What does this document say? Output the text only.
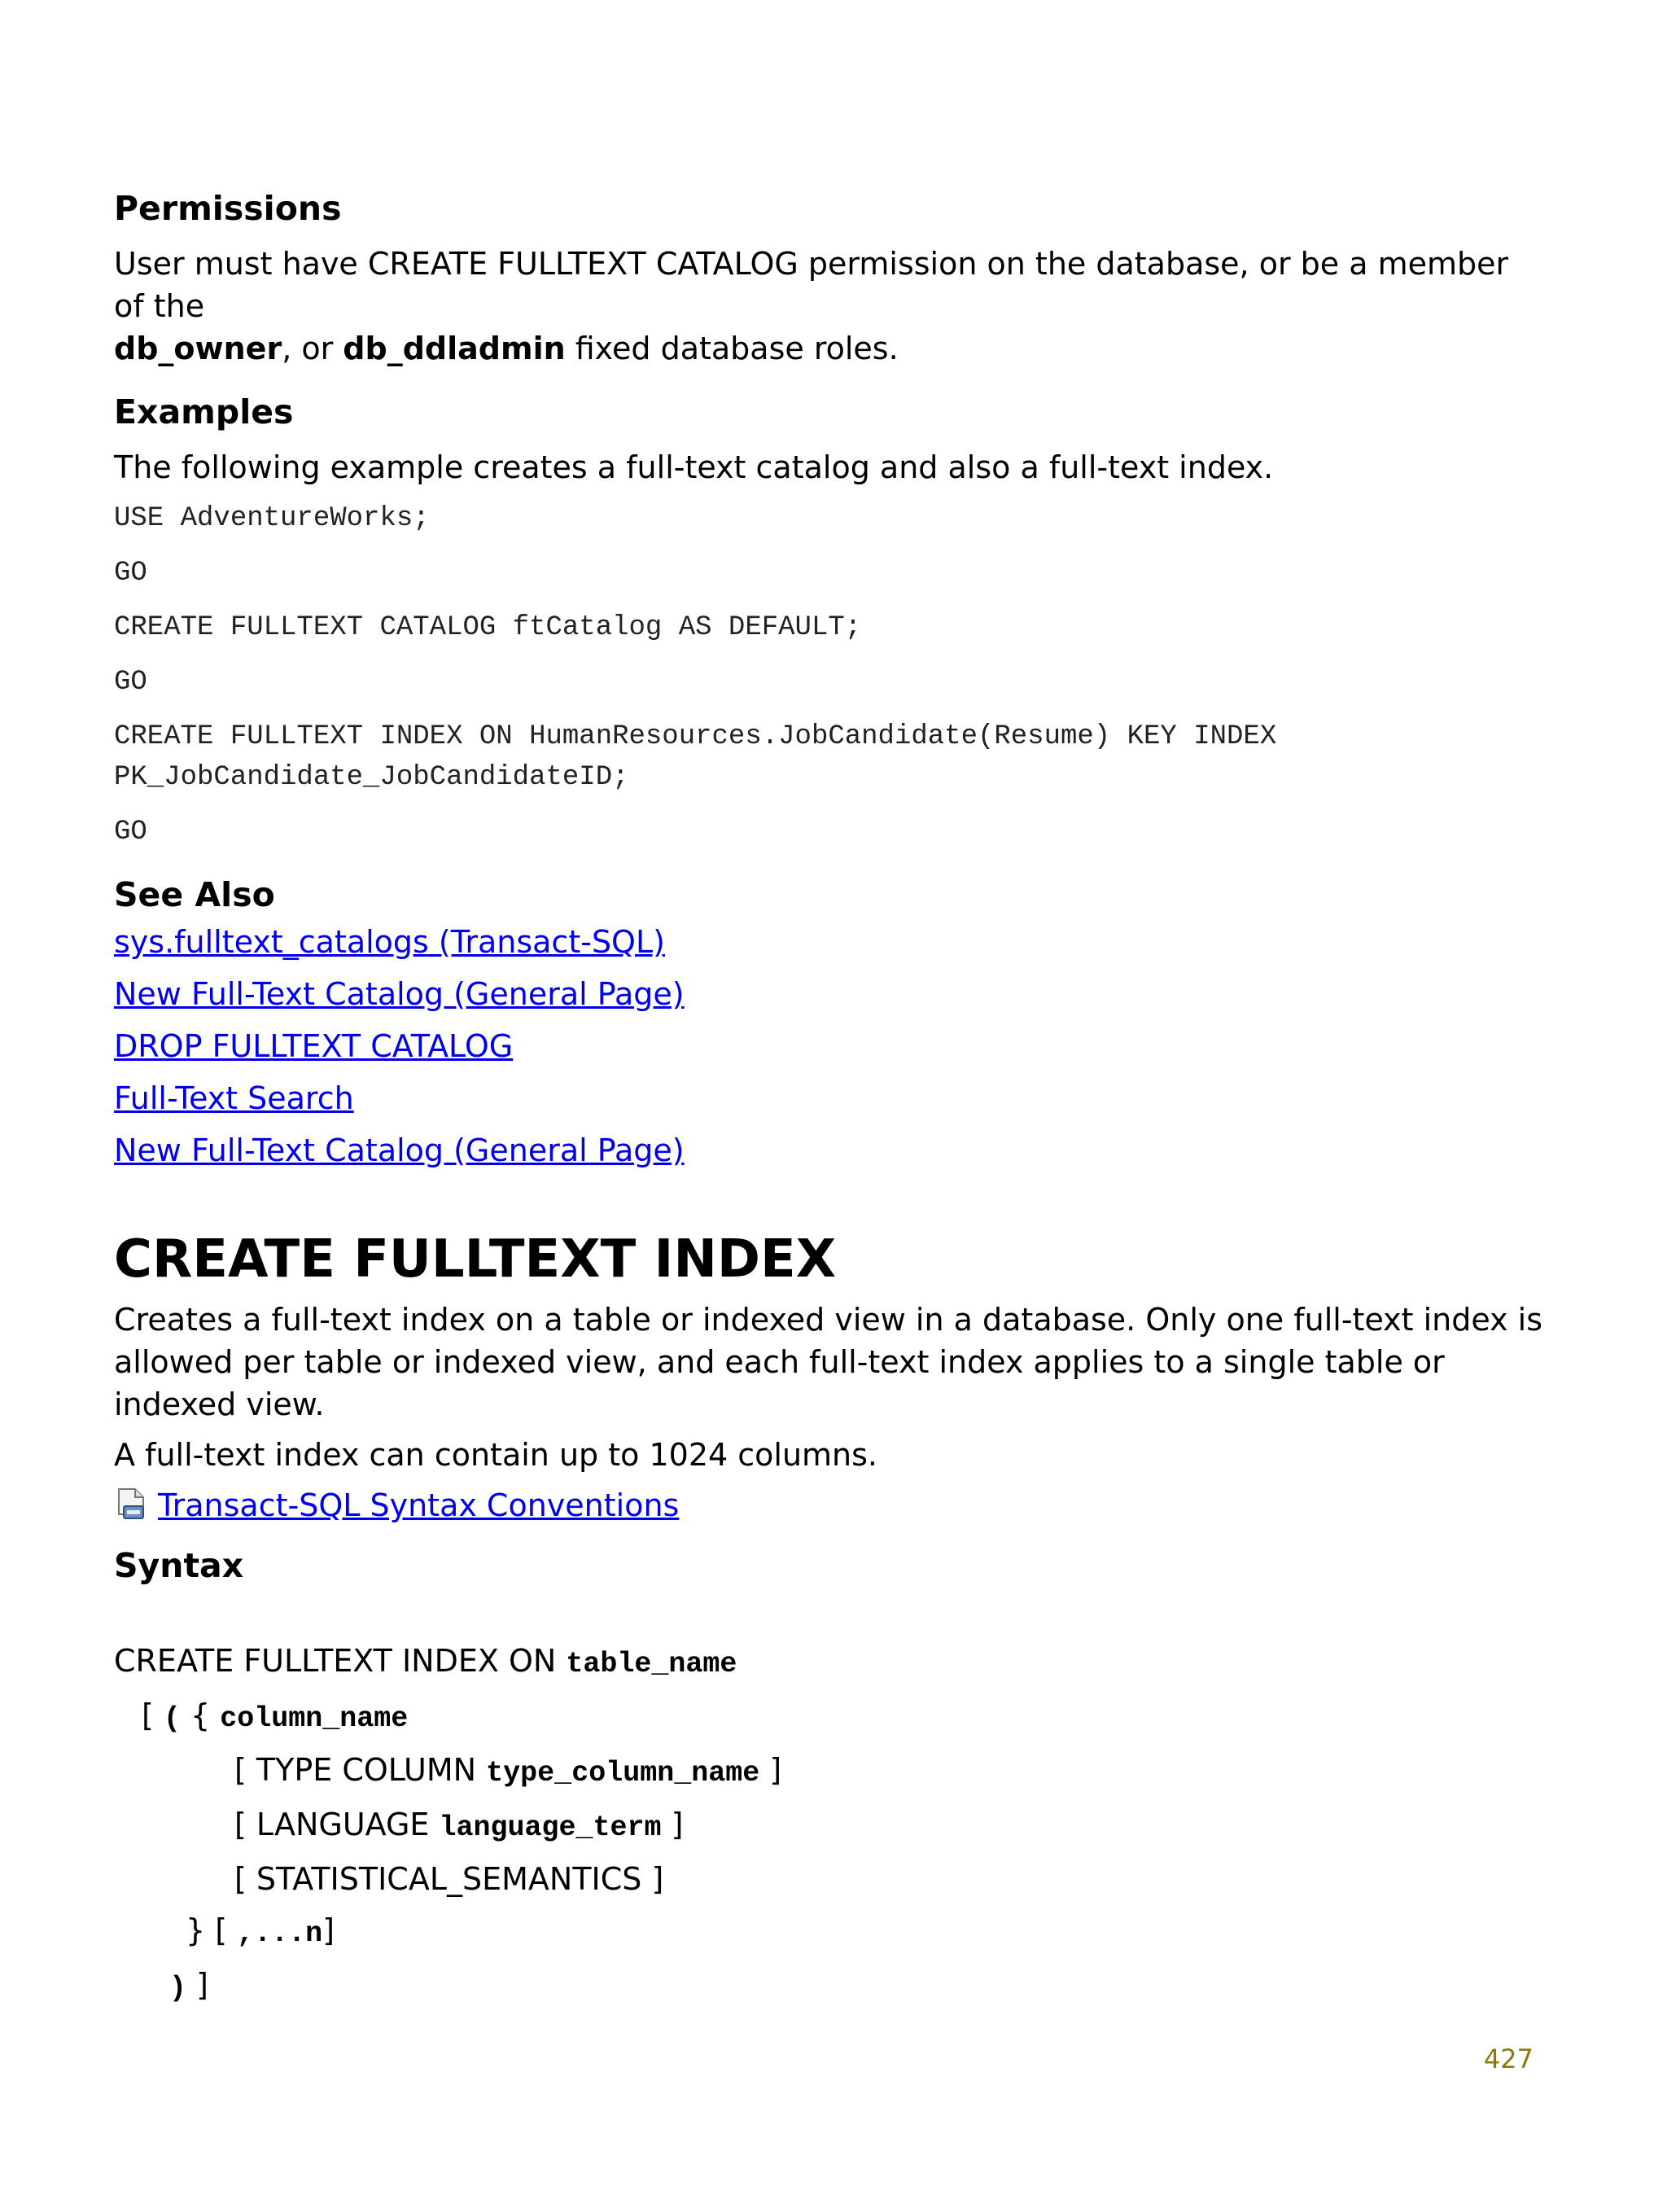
Permissions

User must have CREATE FULLTEXT CATALOG permission on the database, or be a member of the
db_owner, or db_ddladmin fixed database roles.

Examples

The following example creates a full-text catalog and also a full-text index.

USE AdventureWorks;

GO

CREATE FULLTEXT CATALOG ftCatalog AS DEFAULT;

GO

CREATE FULLTEXT INDEX ON HumanResources.JobCandidate(Resume) KEY INDEX

PK_JobCandidate_JobCandidateID;

GO

See Also

sys.fulltext_catalogs (Transact-SQL)
New Full-Text Catalog (General Page)
DROP FULLTEXT CATALOG
Full-Text Search
New Full-Text Catalog (General Page)

CREATE FULLTEXT INDEX

Creates a full-text index on a table or indexed view in a database. Only one full-text index is allowed per table or indexed view, and each full-text index applies to a single table or indexed view.

A full-text index can contain up to 1024 columns.

Transact-SQL Syntax Conventions

Syntax

CREATE FULLTEXT INDEX ON table_name

[ ( { column_name

[ TYPE COLUMN type_column_name ]

[ LANGUAGE language_term ]

[ STATISTICAL_SEMANTICS ]

} [ ,...n]

) ]

427
